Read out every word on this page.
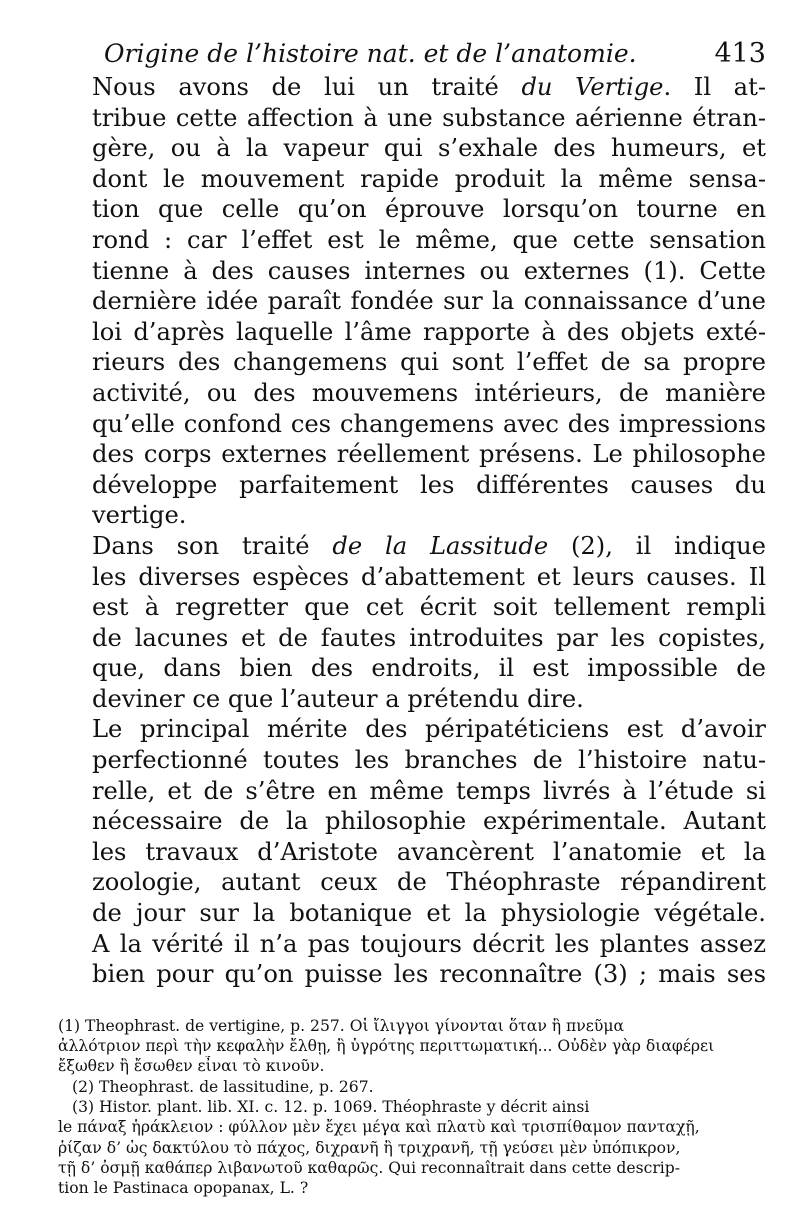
Origine de l’histoire nat. et de l’anatomie.	413

Nous avons de lui un traité du Vertige. Il at-
tribue cette affection à une substance aérienne étran-
gère, ou à la vapeur qui s’exhale des humeurs, et
dont le mouvement rapide produit la même sensa-
tion que celle qu’on éprouve lorsqu’on tourne en
rond : car l’effet est le même, que cette sensation
tienne à des causes internes ou externes (1). Cette
dernière idée paraît fondée sur la connaissance d’une
loi d’après laquelle l’âme rapporte à des objets exté-
rieurs des changemens qui sont l’effet de sa propre
activité, ou des mouvemens intérieurs, de manière
qu’elle confond ces changemens avec des impressions
des corps externes réellement présens. Le philosophe
développe parfaitement les différentes causes du
vertige.

Dans son traité de la Lassitude (2), il indique
les diverses espèces d’abattement et leurs causes. Il
est à regretter que cet écrit soit tellement rempli
de lacunes et de fautes introduites par les copistes,
que, dans bien des endroits, il est impossible de
deviner ce que l’auteur a prétendu dire.

Le principal mérite des péripatéticiens est d’avoir
perfectionné toutes les branches de l’histoire natu-
relle, et de s’être en même temps livrés à l’étude si
nécessaire de la philosophie expérimentale. Autant
les travaux d’Aristote avancèrent l’anatomie et la
zoologie, autant ceux de Théophraste répandirent
de jour sur la botanique et la physiologie végétale.
A la vérité il n’a pas toujours décrit les plantes assez
bien pour qu’on puisse les reconnaître (3) ; mais ses

(1) Theophrast. de vertigine, p. 257. Οἱ ἴλιγγοι γίνονται ὅταν ἢ πνεῦμα
ἀλλότριον περὶ τὴν κεφαλὴν ἔλθῃ, ἢ ὑγρότης περιττωματική... Οὐδὲν γὰρ διαφέρει
ἔξωθεν ἢ ἔσωθεν εἶναι τὸ κινοῦν.
(2) Theophrast. de lassitudine, p. 267.
(3) Histor. plant. lib. XI. c. 12. p. 1069. Théophraste y décrit ainsi
le πάναξ ἡράκλειον : φύλλον μὲν ἔχει μέγα καὶ πλατὺ καὶ τρισπίθαμον πανταχῇ,
ῥίζαν δ’ ὡς δακτύλου τὸ πάχος, διχρανῆ ἢ τριχρανῆ, τῇ γεύσει μὲν ὑπόπικρον,
τῇ δ’ ὀσμῇ καθάπερ λιβανωτοῦ καθαρῶς. Qui reconnaîtrait dans cette descrip-
tion le Pastinaca opopanax, L. ?
